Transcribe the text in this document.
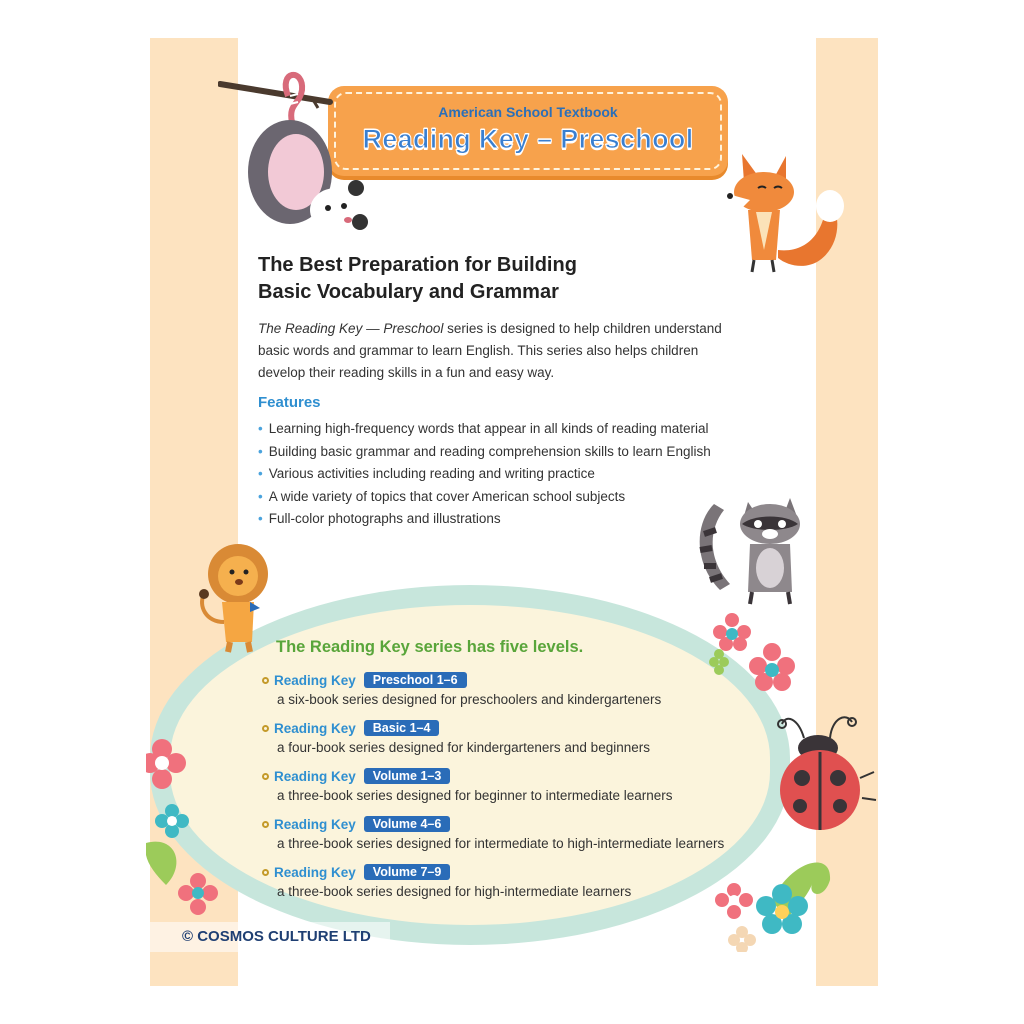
American School Textbook
Reading Key – Preschool
The Best Preparation for Building
Basic Vocabulary and Grammar
The Reading Key — Preschool series is designed to help children understand basic words and grammar to learn English. This series also helps children develop their reading skills in a fun and easy way.
Features
• Learning high-frequency words that appear in all kinds of reading material
• Building basic grammar and reading comprehension skills to learn English
• Various activities including reading and writing practice
• A wide variety of topics that cover American school subjects
• Full-color photographs and illustrations
The Reading Key series has five levels.
Reading Key	Preschool 1–6
a six-book series designed for preschoolers and kindergarteners
Reading Key	Basic 1–4
a four-book series designed for kindergarteners and beginners
Reading Key	Volume 1–3
a three-book series designed for beginner to intermediate learners
Reading Key	Volume 4–6
a three-book series designed for intermediate to high-intermediate learners
Reading Key	Volume 7–9
a three-book series designed for high-intermediate learners
© COSMOS CULTURE LTD
